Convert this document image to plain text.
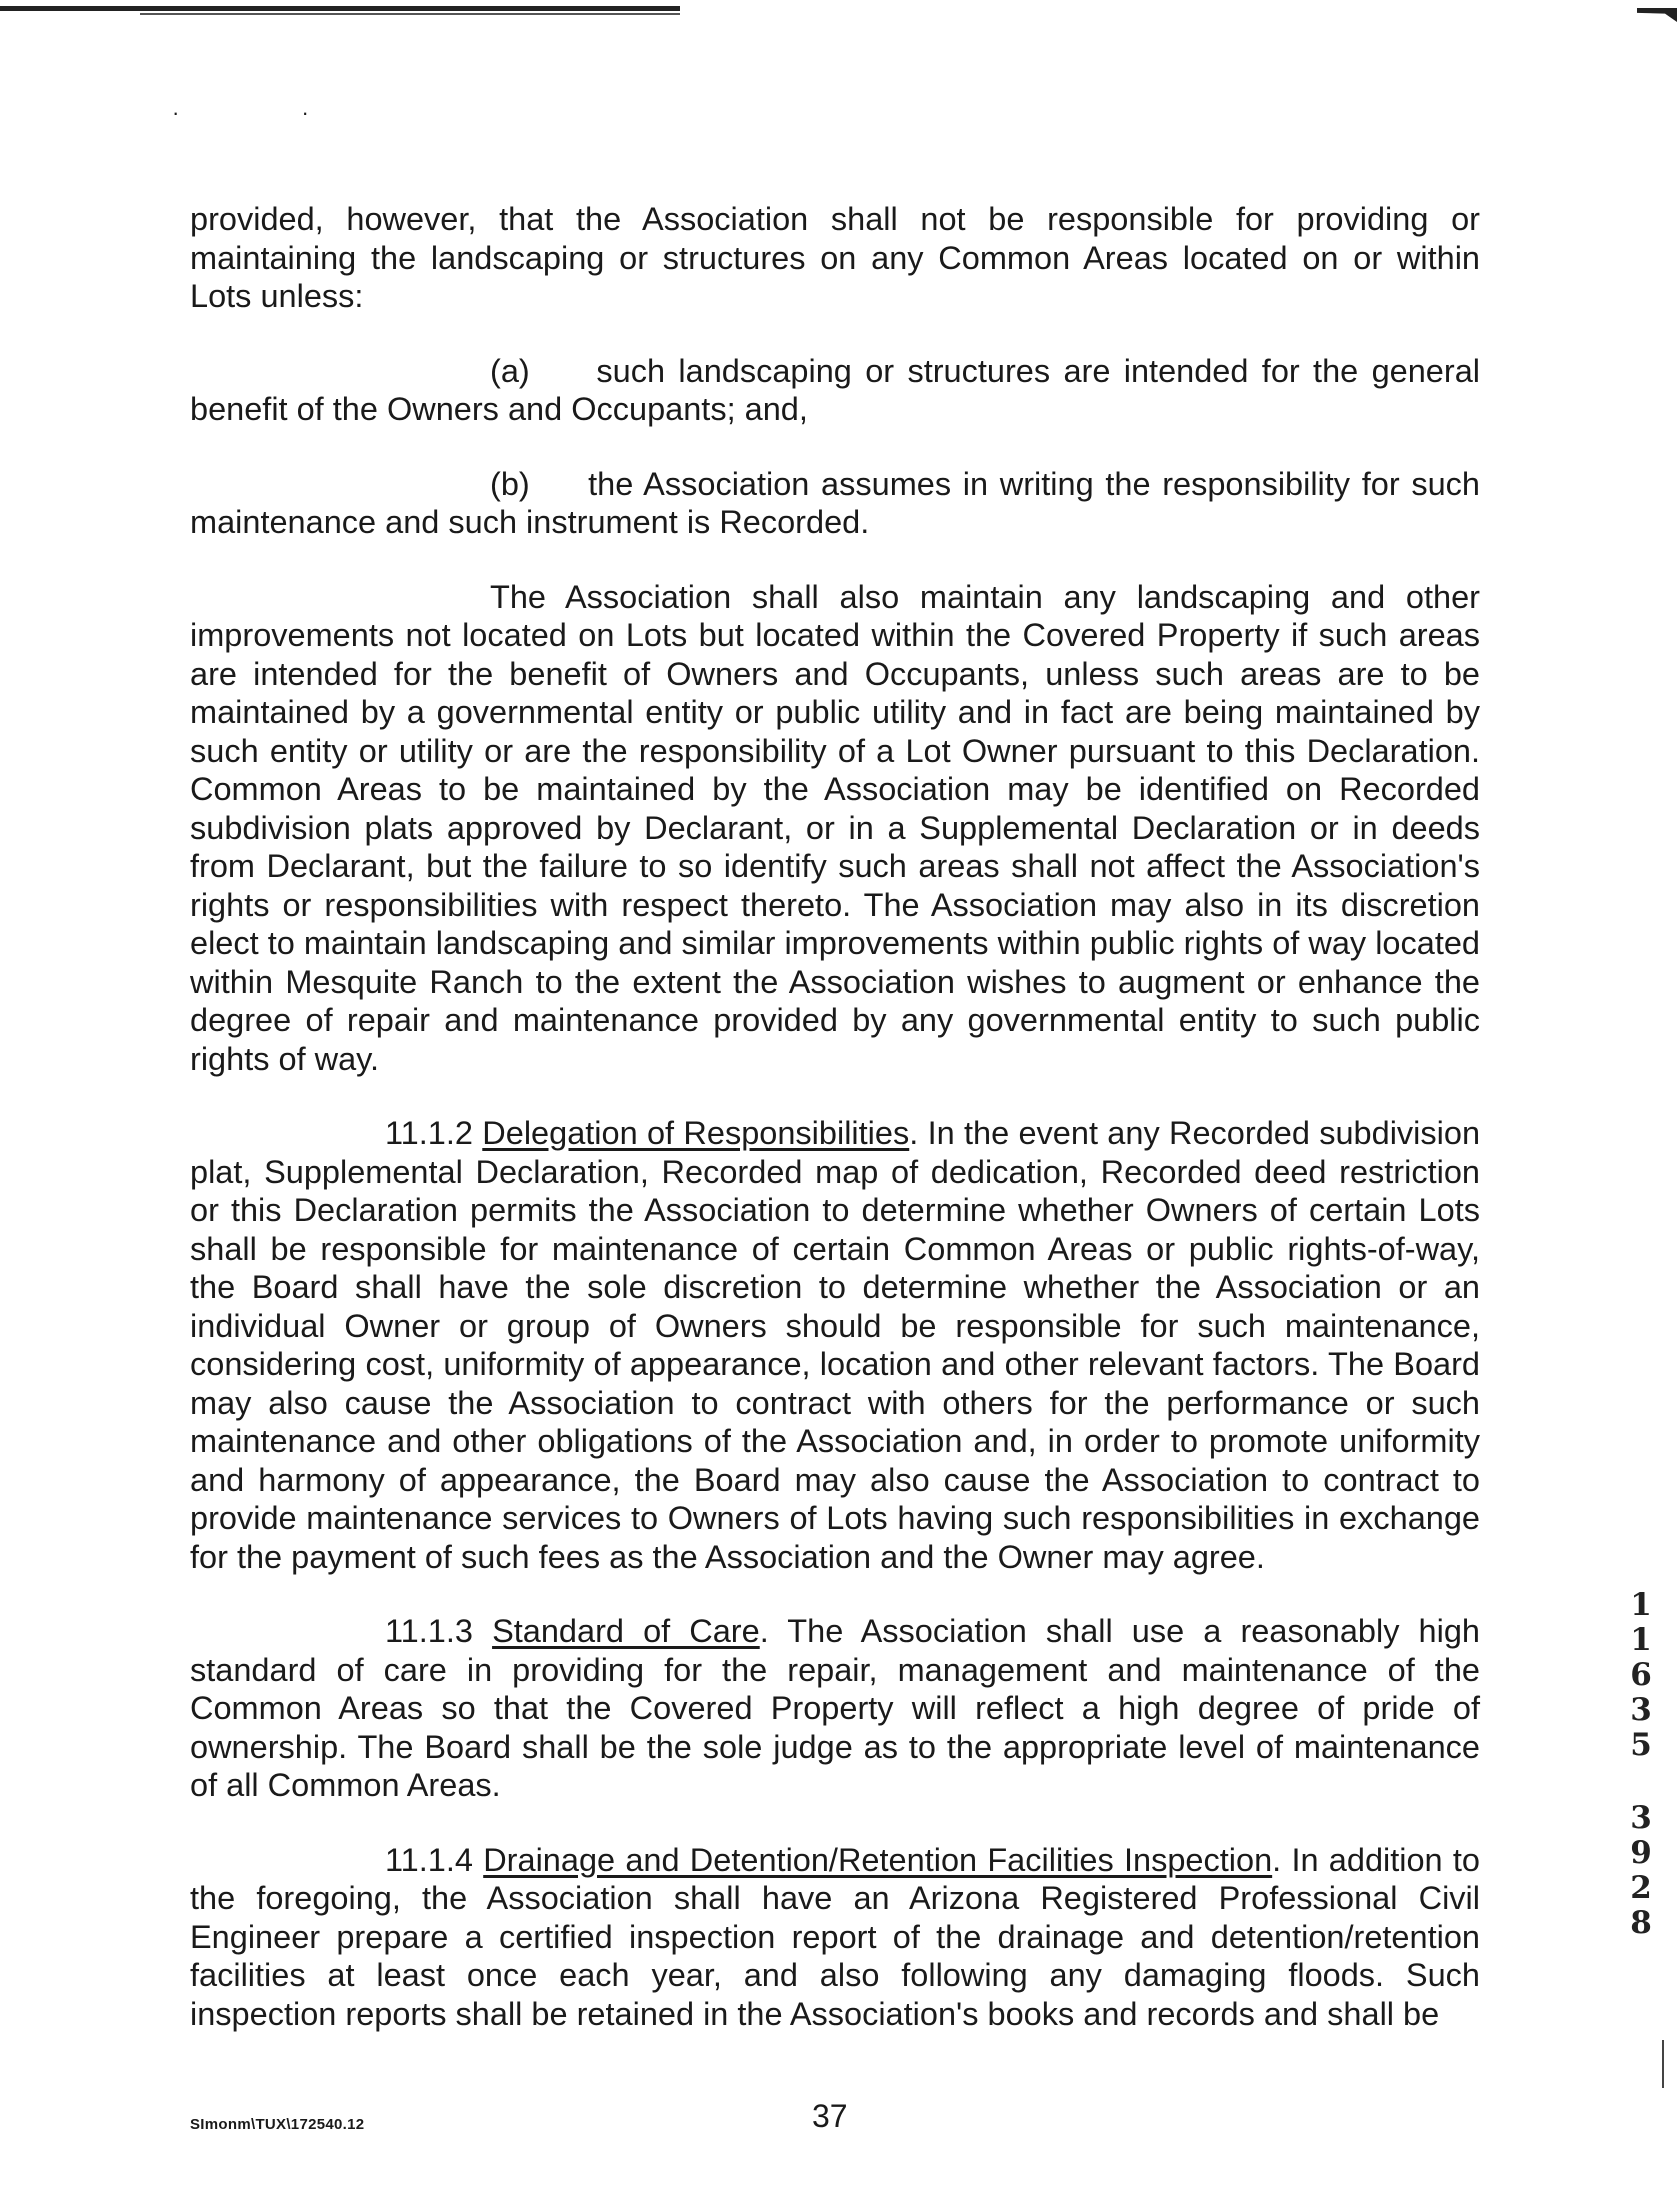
· ·

provided, however, that the Association shall not be responsible for providing or maintaining the landscaping or structures on any Common Areas located on or within Lots unless:

(a) such landscaping or structures are intended for the general benefit of the Owners and Occupants; and,

(b) the Association assumes in writing the responsibility for such maintenance and such instrument is Recorded.

The Association shall also maintain any landscaping and other improvements not located on Lots but located within the Covered Property if such areas are intended for the benefit of Owners and Occupants, unless such areas are to be maintained by a governmental entity or public utility and in fact are being maintained by such entity or utility or are the responsibility of a Lot Owner pursuant to this Declaration. Common Areas to be maintained by the Association may be identified on Recorded subdivision plats approved by Declarant, or in a Supplemental Declaration or in deeds from Declarant, but the failure to so identify such areas shall not affect the Association's rights or responsibilities with respect thereto. The Association may also in its discretion elect to maintain landscaping and similar improvements within public rights of way located within Mesquite Ranch to the extent the Association wishes to augment or enhance the degree of repair and maintenance provided by any governmental entity to such public rights of way.

11.1.2 Delegation of Responsibilities. In the event any Recorded subdivision plat, Supplemental Declaration, Recorded map of dedication, Recorded deed restriction or this Declaration permits the Association to determine whether Owners of certain Lots shall be responsible for maintenance of certain Common Areas or public rights-of-way, the Board shall have the sole discretion to determine whether the Association or an individual Owner or group of Owners should be responsible for such maintenance, considering cost, uniformity of appearance, location and other relevant factors. The Board may also cause the Association to contract with others for the performance or such maintenance and other obligations of the Association and, in order to promote uniformity and harmony of appearance, the Board may also cause the Association to contract to provide maintenance services to Owners of Lots having such responsibilities in exchange for the payment of such fees as the Association and the Owner may agree.

11.1.3 Standard of Care. The Association shall use a reasonably high standard of care in providing for the repair, management and maintenance of the Common Areas so that the Covered Property will reflect a high degree of pride of ownership. The Board shall be the sole judge as to the appropriate level of maintenance of all Common Areas.

11.1.4 Drainage and Detention/Retention Facilities Inspection. In addition to the foregoing, the Association shall have an Arizona Registered Professional Civil Engineer prepare a certified inspection report of the drainage and detention/retention facilities at least once each year, and also following any damaging floods. Such inspection reports shall be retained in the Association's books and records and shall be

SImonm\TUX\172540.12	37
1
1
6
3
5
3
9
2
8
